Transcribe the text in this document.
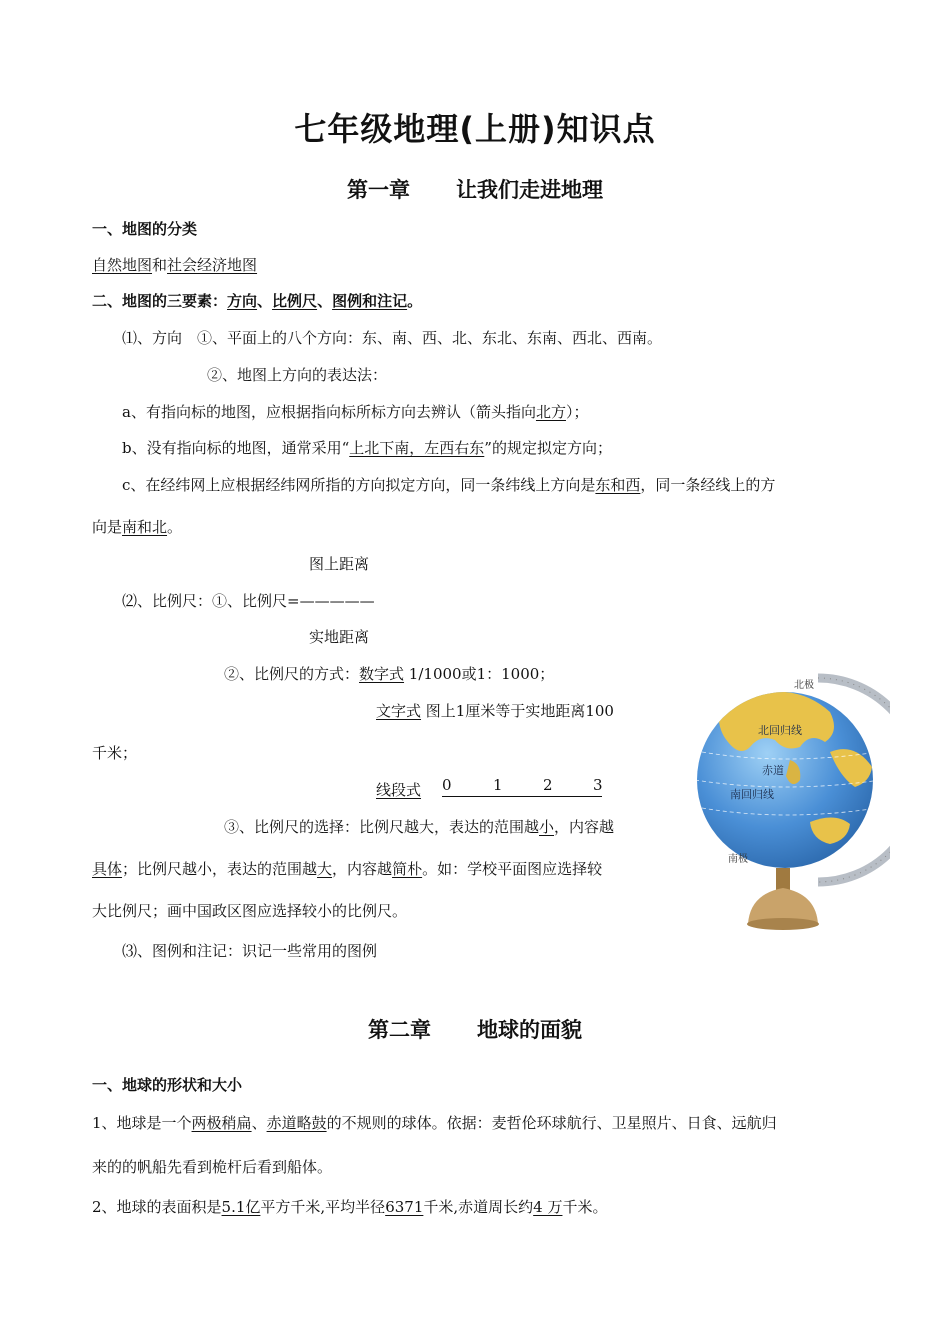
七年级地理(上册)知识点
第一章 让我们走进地理
一、地图的分类
自然地图和社会经济地图
二、地图的三要素：方向、比例尺、图例和注记。
⑴、方向　①、平面上的八个方向：东、南、西、北、东北、东南、西北、西南。
②、地图上方向的表达法：
a、有指向标的地图，应根据指向标所标方向去辨认（箭头指向北方）；
b、没有指向标的地图，通常采用“上北下南，左西右东”的规定拟定方向；
c、在经纬网上应根据经纬网所指的方向拟定方向，同一条纬线上方向是东和西，同一条经线上的方
向是南和北。
图上距离
⑵、比例尺：①、比例尺=—————
实地距离
②、比例尺的方式：数字式 1/1000或1：1000；
文字式 图上1厘米等于实地距离100
千米；
线段式 0	1	2	3
③、比例尺的选择：比例尺越大，表达的范围越小，内容越
具体；比例尺越小，表达的范围越大，内容越简朴。如：学校平面图应选择较
大比例尺；画中国政区图应选择较小的比例尺。
⑶、图例和注记：识记一些常用的图例
北回归线
赤道
南回归线
北极
南极
第二章 地球的面貌
一、地球的形状和大小
1、地球是一个两极稍扁、赤道略鼓的不规则的球体。依据：麦哲伦环球航行、卫星照片、日食、远航归
来的的帆船先看到桅杆后看到船体。
2、地球的表面积是5.1亿平方千米,平均半径6371千米,赤道周长约4 万千米。
